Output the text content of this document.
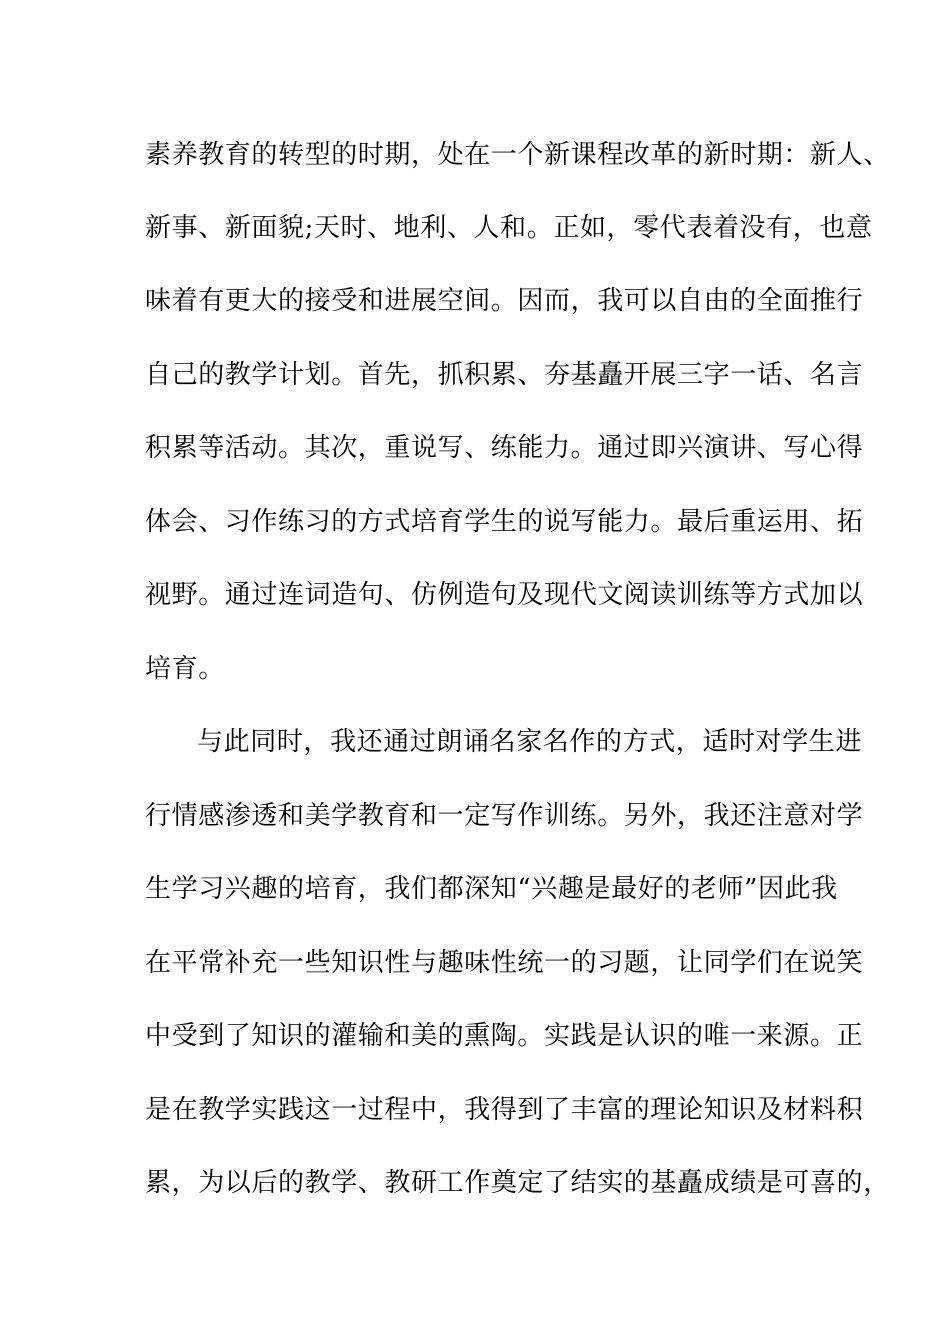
素养教育的转型的时期，处在一个新课程改革的新时期：新人、
新事、新面貌;天时、地利、人和。正如，零代表着没有，也意
味着有更大的接受和进展空间。因而，我可以自由的全面推行
自己的教学计划。首先，抓积累、夯基矗开展三字一话、名言
积累等活动。其次，重说写、练能力。通过即兴演讲、写心得
体会、习作练习的方式培育学生的说写能力。最后重运用、拓
视野。通过连词造句、仿例造句及现代文阅读训练等方式加以
培育。
与此同时，我还通过朗诵名家名作的方式，适时对学生进
行情感渗透和美学教育和一定写作训练。另外，我还注意对学
生学习兴趣的培育，我们都深知“兴趣是最好的老师”因此我
在平常补充一些知识性与趣味性统一的习题，让同学们在说笑
中受到了知识的灌输和美的熏陶。实践是认识的唯一来源。正
是在教学实践这一过程中，我得到了丰富的理论知识及材料积
累，为以后的教学、教研工作奠定了结实的基矗成绩是可喜的，
